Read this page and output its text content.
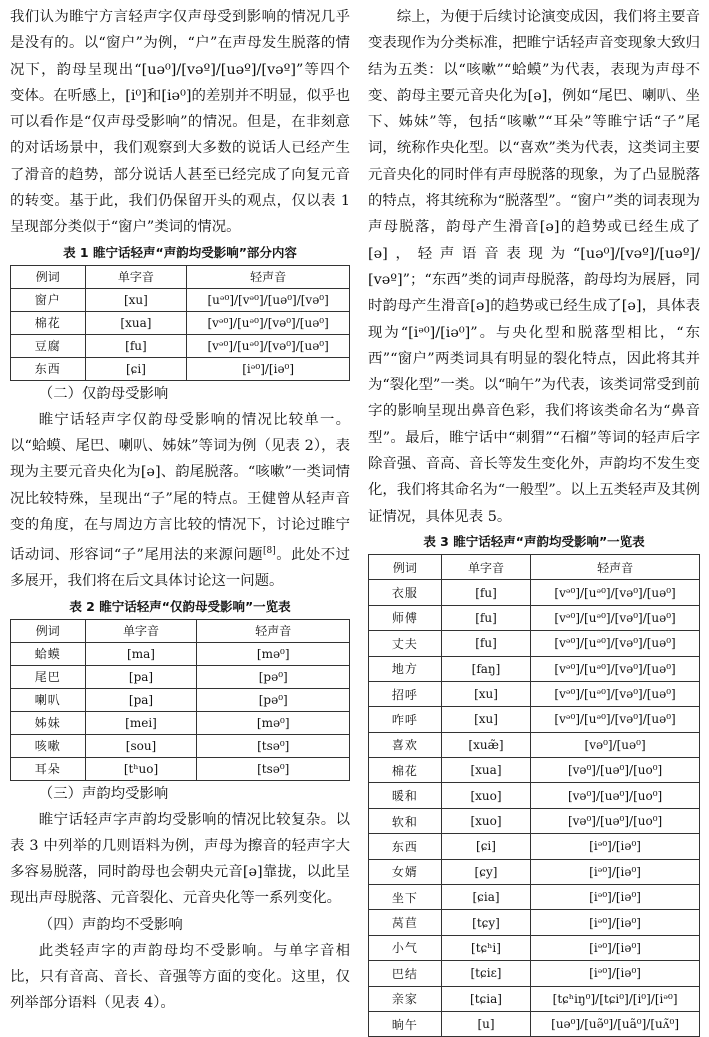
我们认为睢宁方言轻声字仅声母受到影响的情况几乎是没有的。以“窗户”为例，“户”在声母发生脱落的情况下，韵母呈现出“[uə⁰]/[vəº]/[uəº]/[vəº]”等四个变体。在听感上，[i⁰]和[iə⁰]的差别并不明显，似乎也可以看作是“仅声母受影响”的情况。但是，在非刻意的对话场景中，我们观察到大多数的说话人已经产生了滑音的趋势，部分说话人甚至已经完成了向复元音的转变。基于此，我们仍保留开头的观点，仅以表 1 呈现部分类似于“窗户”类词的情况。

表 1 睢宁话轻声“声韵均受影响”部分内容
例词	单字音	轻声音
窗户	[xu]	[uᵊ⁰]/[vᵊ⁰]/[uə⁰]/[və⁰]
棉花	[xua]	[vᵊ⁰]/[uᵊ⁰]/[və⁰]/[uə⁰]
豆腐	[fu]	[vᵊ⁰]/[uᵊ⁰]/[və⁰]/[uə⁰]
东西	[ɕi]	[iᵊ⁰]/[iə⁰]
（二）仅韵母受影响

睢宁话轻声字仅韵母受影响的情况比较单一。以“蛤蟆、尾巴、喇叭、姊妹”等词为例（见表 2），表现为主要元音央化为[ə]、韵尾脱落。“咳嗽”一类词情况比较特殊，呈现出“子”尾的特点。王健曾从轻声音变的角度，在与周边方言比较的情况下，讨论过睢宁话动词、形容词“子”尾用法的来源问题[8]。此处不过多展开，我们将在后文具体讨论这一问题。

表 2 睢宁话轻声“仅韵母受影响”一览表
例词	单字音	轻声音
蛤蟆	[ma]	[mə⁰]
尾巴	[pa]	[pə⁰]
喇叭	[pa]	[pə⁰]
姊妹	[mei]	[mə⁰]
咳嗽	[sou]	[tsə⁰]
耳朵	[tʰuo]	[tsə⁰]
（三）声韵均受影响

睢宁话轻声字声韵均受影响的情况比较复杂。以表 3 中列举的几则语料为例，声母为擦音的轻声字大多容易脱落，同时韵母也会朝央元音[ə]靠拢，以此呈现出声母脱落、元音裂化、元音央化等一系列变化。

（四）声韵均不受影响

此类轻声字的声韵母均不受影响。与单字音相比，只有音高、音长、音强等方面的变化。这里，仅列举部分语料（见表 4）。

综上，为便于后续讨论演变成因，我们将主要音变表现作为分类标准，把睢宁话轻声音变现象大致归结为五类：以“咳嗽”“蛤蟆”为代表，表现为声母不变、韵母主要元音央化为[ə]，例如“尾巴、喇叭、坐下、姊妹”等，包括“咳嗽”“耳朵”等睢宁话“子”尾词，统称作央化型。以“喜欢”类为代表，这类词主要元音央化的同时伴有声母脱落的现象，为了凸显脱落的特点，将其统称为“脱落型”。“窗户”类的词表现为声母脱落，韵母产生滑音[ə]的趋势或已经生成了[ə]，轻声语音表现为“[uə⁰]/[vəº]/[uəº]/ [vəº]”；“东西”类的词声母脱落，韵母均为展唇，同时韵母产生滑音[ə]的趋势或已经生成了[ə]，具体表现为“[iᵊ⁰]/[iə⁰]”。与央化型和脱落型相比，“东西”“窗户”两类词具有明显的裂化特点，因此将其并为“裂化型”一类。以“晌午”为代表，该类词常受到前字的影响呈现出鼻音色彩，我们将该类命名为“鼻音型”。最后，睢宁话中“刺猬”“石榴”等词的轻声后字除音强、音高、音长等发生变化外，声韵均不发生变化，我们将其命名为“一般型”。以上五类轻声及其例证情况，具体见表 5。

表 3 睢宁话轻声“声韵均受影响”一览表
例词	单字音	轻声音
衣服	[fu]	[vᵊ⁰]/[uᵊ⁰]/[və⁰]/[uə⁰]
师傅	[fu]	[vᵊ⁰]/[uᵊ⁰]/[və⁰]/[uə⁰]
丈夫	[fu]	[vᵊ⁰]/[uᵊ⁰]/[və⁰]/[uə⁰]
地方	[faŋ]	[vᵊ⁰]/[uᵊ⁰]/[və⁰]/[uə⁰]
招呼	[xu]	[vᵊ⁰]/[uᵊ⁰]/[və⁰]/[uə⁰]
咋呼	[xu]	[vᵊ⁰]/[uᵊ⁰]/[və⁰]/[uə⁰]
喜欢	[xuæ̃]	[və⁰]/[uə⁰]
棉花	[xua]	[və⁰]/[uə⁰]/[uo⁰]
暖和	[xuo]	[və⁰]/[uə⁰]/[uo⁰]
软和	[xuo]	[və⁰]/[uə⁰]/[uo⁰]
东西	[ɕi]	[iᵊ⁰]/[iə⁰]
女婿	[ɕy]	[iᵊ⁰]/[iə⁰]
坐下	[ɕia]	[iᵊ⁰]/[iə⁰]
莴苣	[tɕy]	[iᵊ⁰]/[iə⁰]
小气	[tɕʰi]	[iᵊ⁰]/[iə⁰]
巴结	[tɕiɛ]	[iᵊ⁰]/[iə⁰]
亲家	[tɕia]	[tɕʰiŋ⁰]/[tɕi⁰]/[i⁰]/[iᵊ⁰]
晌午	[u]	[uə⁰]/[uə̃⁰]/[uã⁰]/[uʌ̃⁰]
